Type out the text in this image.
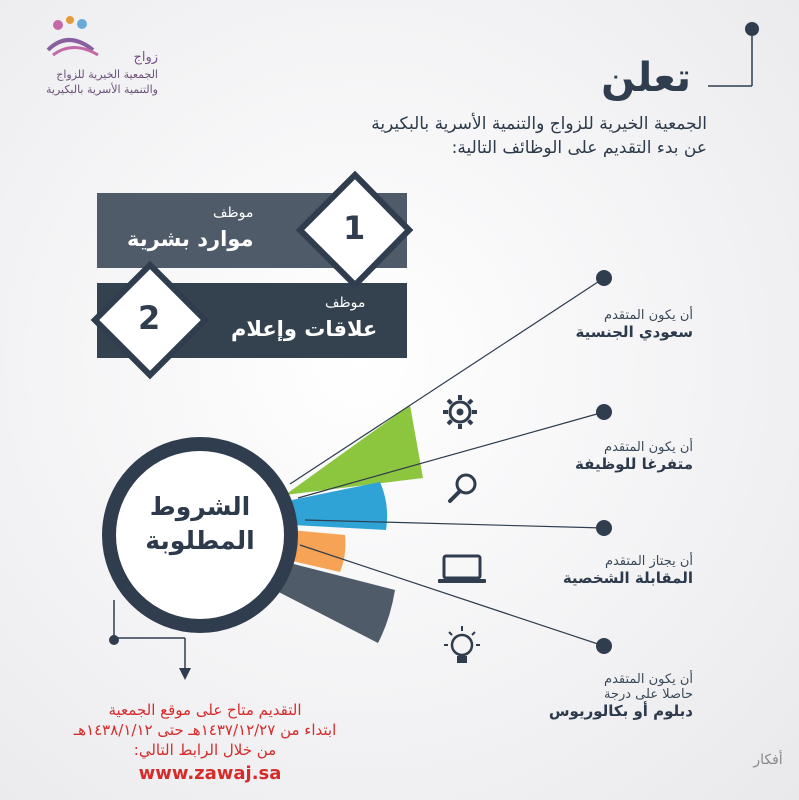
زواج
الجمعية الخيرية للزواج
والتنمية الأسرية بالبكيرية	تعلن
الجمعية الخيرية للزواج والتنمية الأسرية بالبكيرية
عن بدء التقديم على الوظائف التالية:
موظف
موارد بشرية	1
موظف
علاقات وإعلام
2
الشروط
المطلوبة
أن يكون المتقدم
سعودي الجنسية
أن يكون المتقدم
متفرغا للوظيفة
أن يجتاز المتقدم
المقابلة الشخصية
أن يكون المتقدم
حاصلا على درجة
دبلوم أو بكالوريوس
التقديم متاح على موقع الجمعية
ابتداء من ١٤٣٧/١٢/٢٧هـ حتى ١٤٣٨/١/١٢هـ
من خلال الرابط التالي:
www.zawaj.sa
أفكار
